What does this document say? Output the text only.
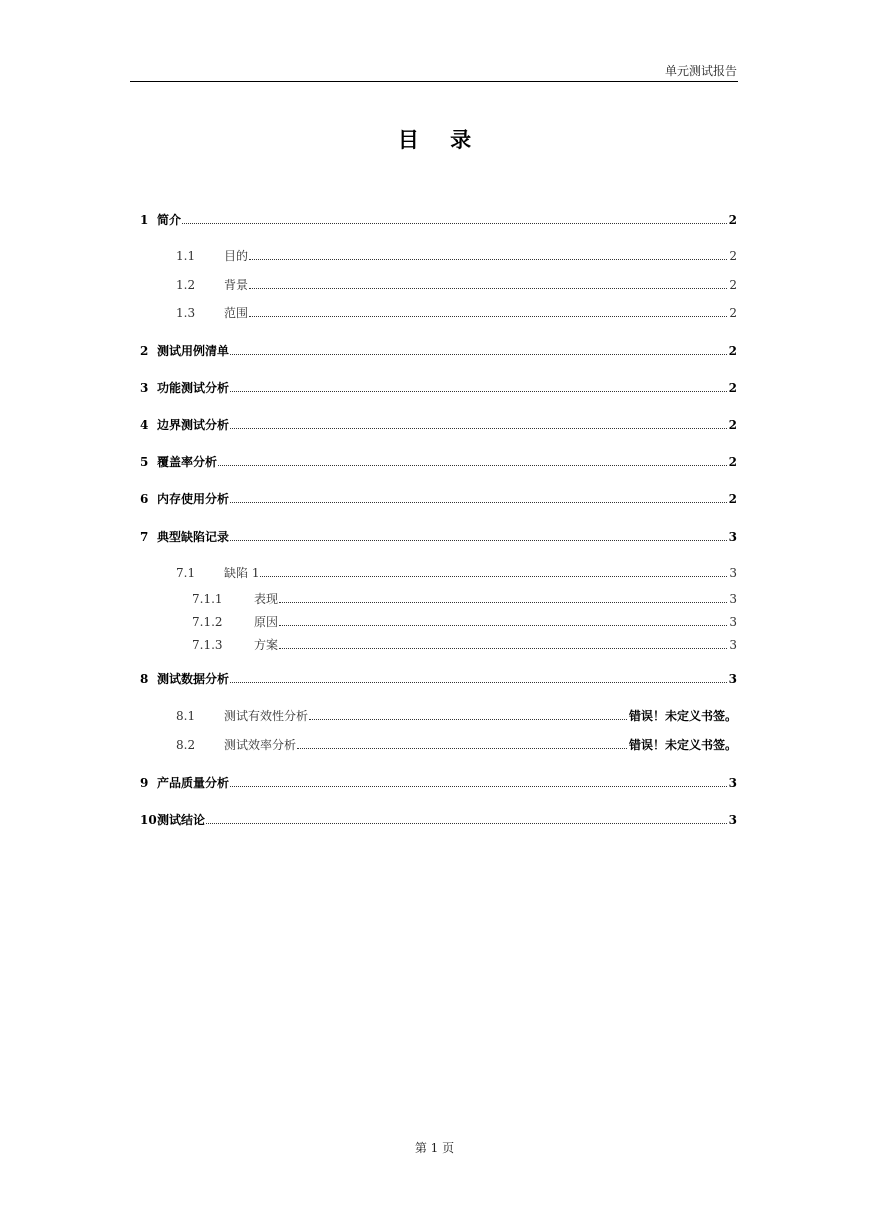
单元测试报告
目 录
1 简介	2
1.1	目的	2
1.2	背景	2
1.3	范围	2
2 测试用例清单	2
3 功能测试分析	2
4 边界测试分析	2
5 覆盖率分析	2
6 内存使用分析	2
7 典型缺陷记录	3
7.1	缺陷 1	3
7.1.1	表现	3
7.1.2	原因	3
7.1.3	方案	3
8 测试数据分析	3
8.1	测试有效性分析	错误！未定义书签。
8.2	测试效率分析	错误！未定义书签。
9 产品质量分析	3
10 测试结论	3
第 1 页
